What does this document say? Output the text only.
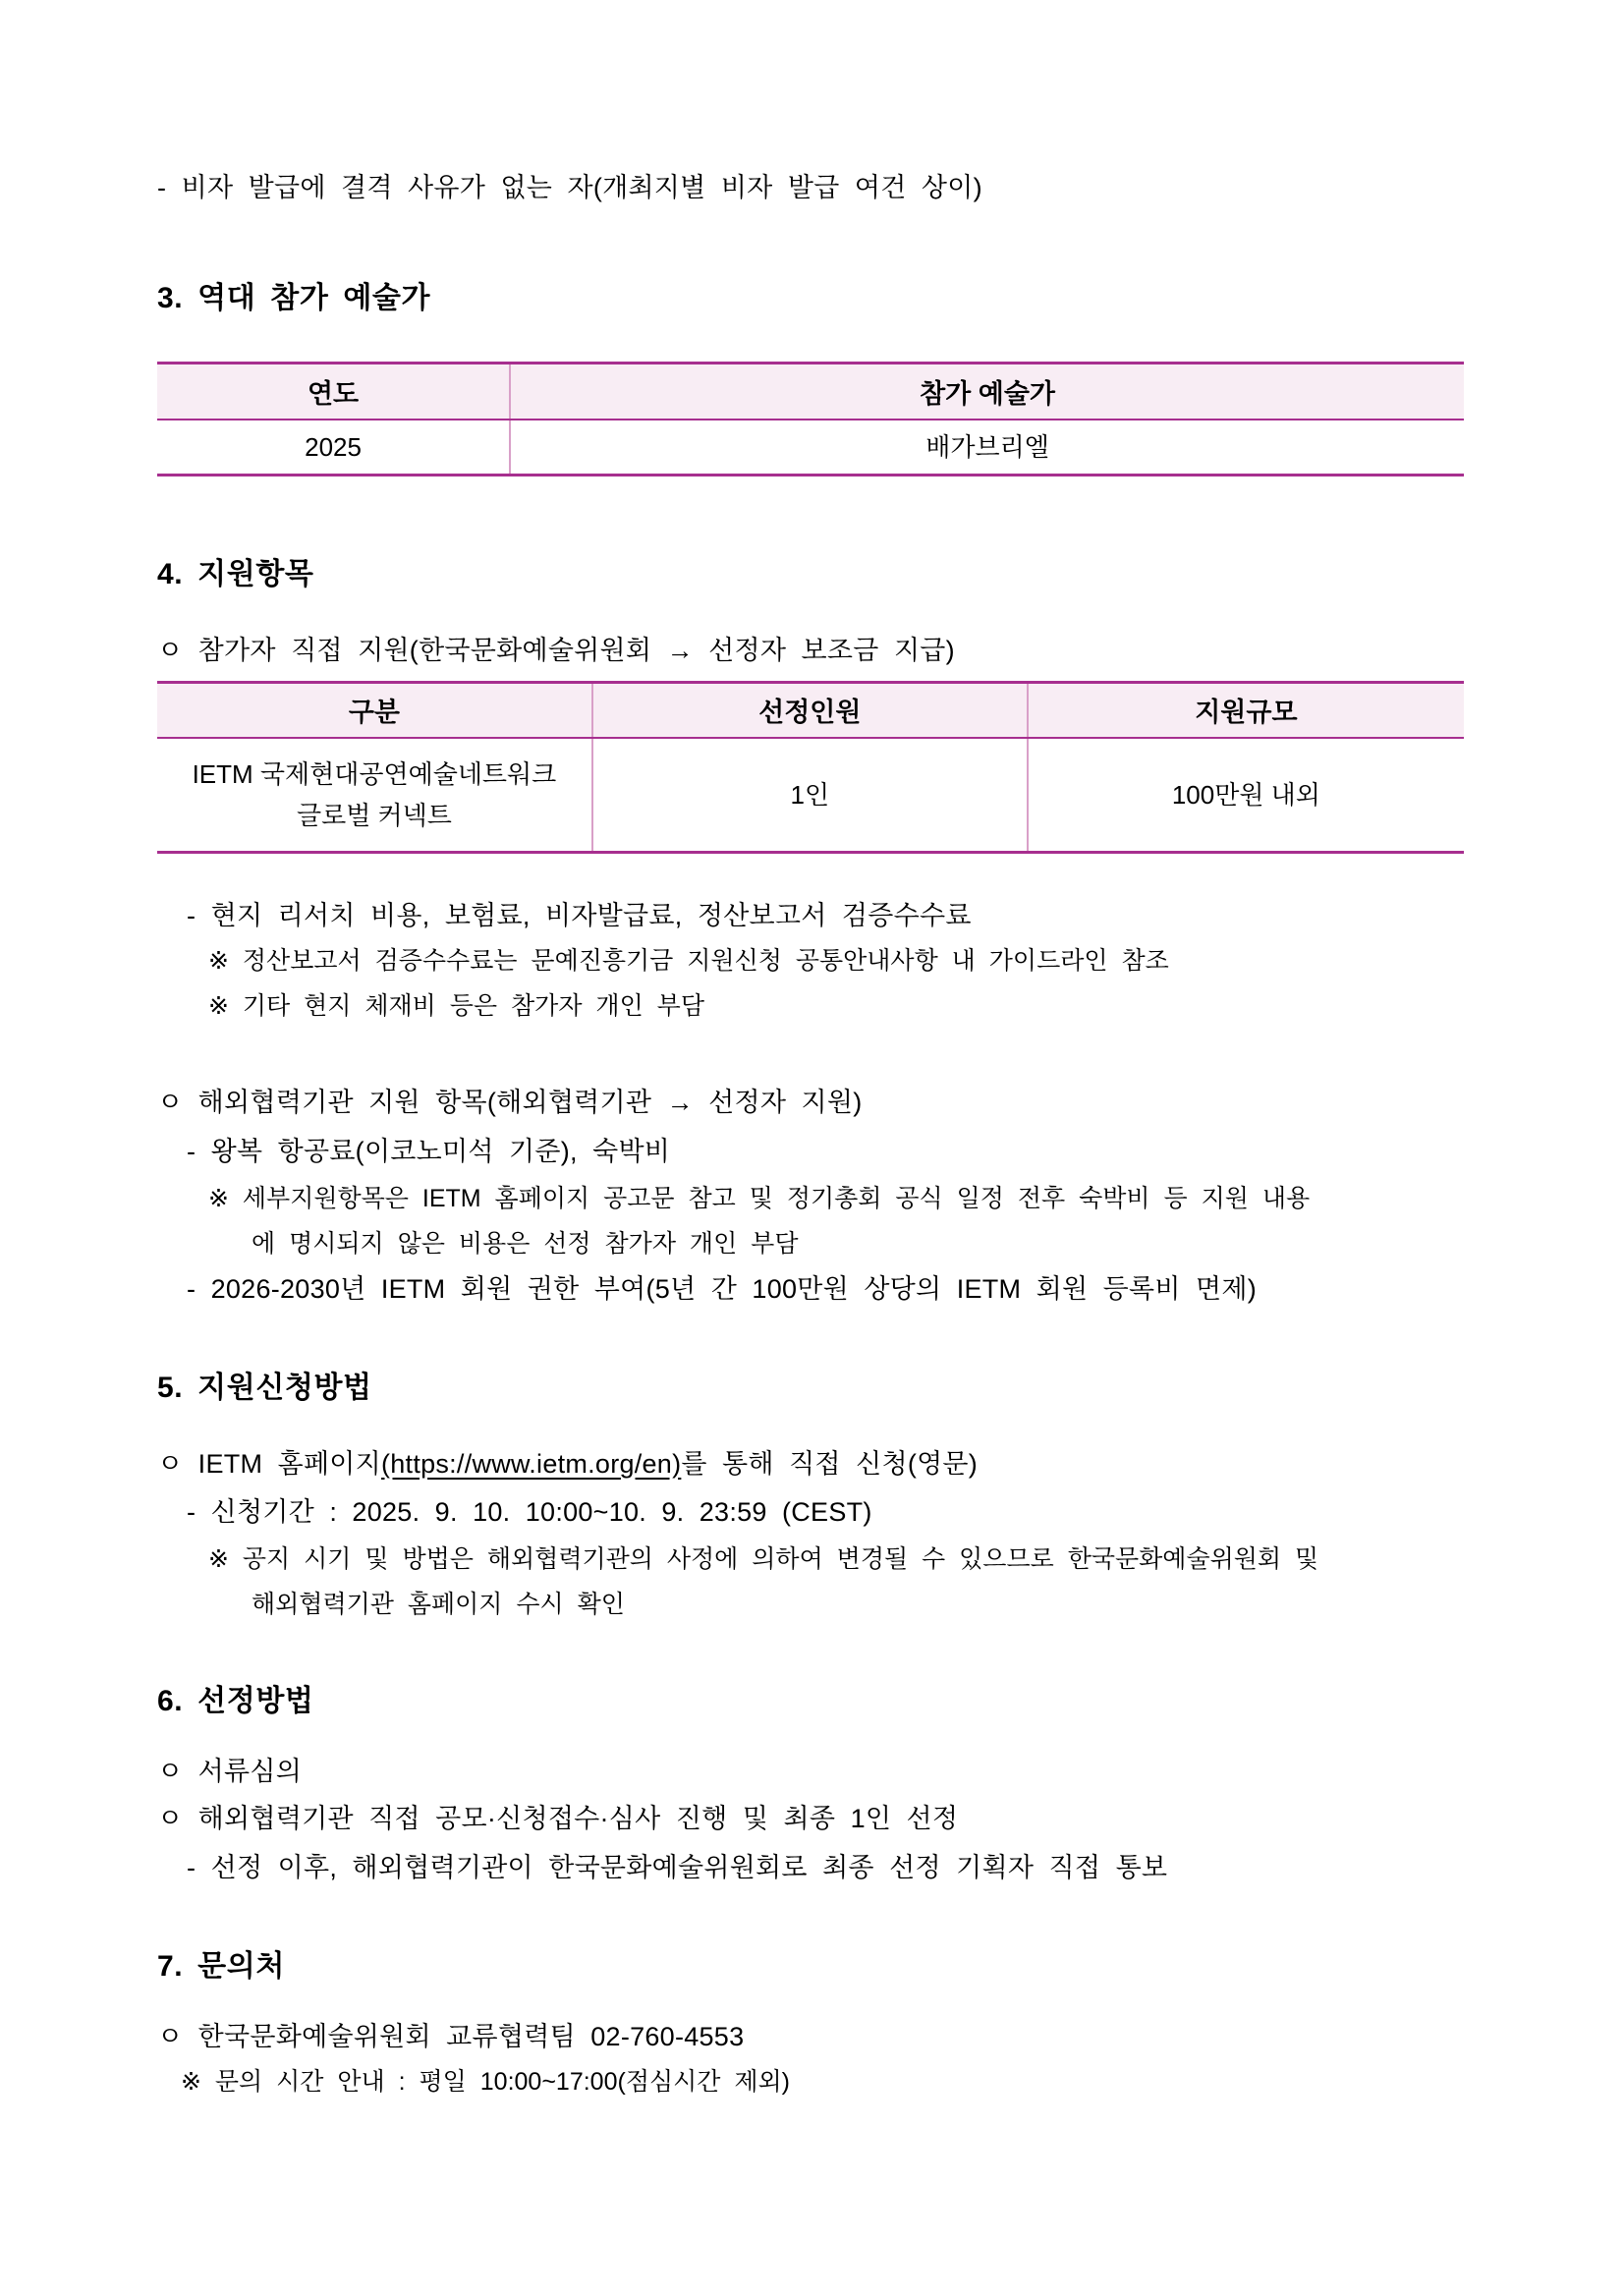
- 비자 발급에 결격 사유가 없는 자(개최지별 비자 발급 여건 상이)
3. 역대 참가 예술가
연도	참가 예술가
2025	배가브리엘
4. 지원항목
ㅇ 참가자 직접 지원(한국문화예술위원회 → 선정자 보조금 지급)
구분	선정인원	지원규모

IETM 국제현대공연예술네트워크
글로벌 커넥트	1인	100만원 내외
- 현지 리서치 비용, 보험료, 비자발급료, 정산보고서 검증수수료
※ 정산보고서 검증수수료는 문예진흥기금 지원신청 공통안내사항 내 가이드라인 참조
※ 기타 현지 체재비 등은 참가자 개인 부담
ㅇ 해외협력기관 지원 항목(해외협력기관 → 선정자 지원)
- 왕복 항공료(이코노미석 기준), 숙박비
※ 세부지원항목은 IETM 홈페이지 공고문 참고 및 정기총회 공식 일정 전후 숙박비 등 지원 내용
에 명시되지 않은 비용은 선정 참가자 개인 부담
- 2026-2030년 IETM 회원 권한 부여(5년 간 100만원 상당의 IETM 회원 등록비 면제)
5. 지원신청방법
ㅇ IETM 홈페이지(https://www.ietm.org/en)를 통해 직접 신청(영문)
- 신청기간 : 2025. 9. 10. 10:00~10. 9. 23:59 (CEST)
※ 공지 시기 및 방법은 해외협력기관의 사정에 의하여 변경될 수 있으므로 한국문화예술위원회 및
해외협력기관 홈페이지 수시 확인
6. 선정방법
ㅇ 서류심의
ㅇ 해외협력기관 직접 공모·신청접수·심사 진행 및 최종 1인 선정
- 선정 이후, 해외협력기관이 한국문화예술위원회로 최종 선정 기획자 직접 통보
7. 문의처
ㅇ 한국문화예술위원회 교류협력팀 02-760-4553
※ 문의 시간 안내 : 평일 10:00~17:00(점심시간 제외)
